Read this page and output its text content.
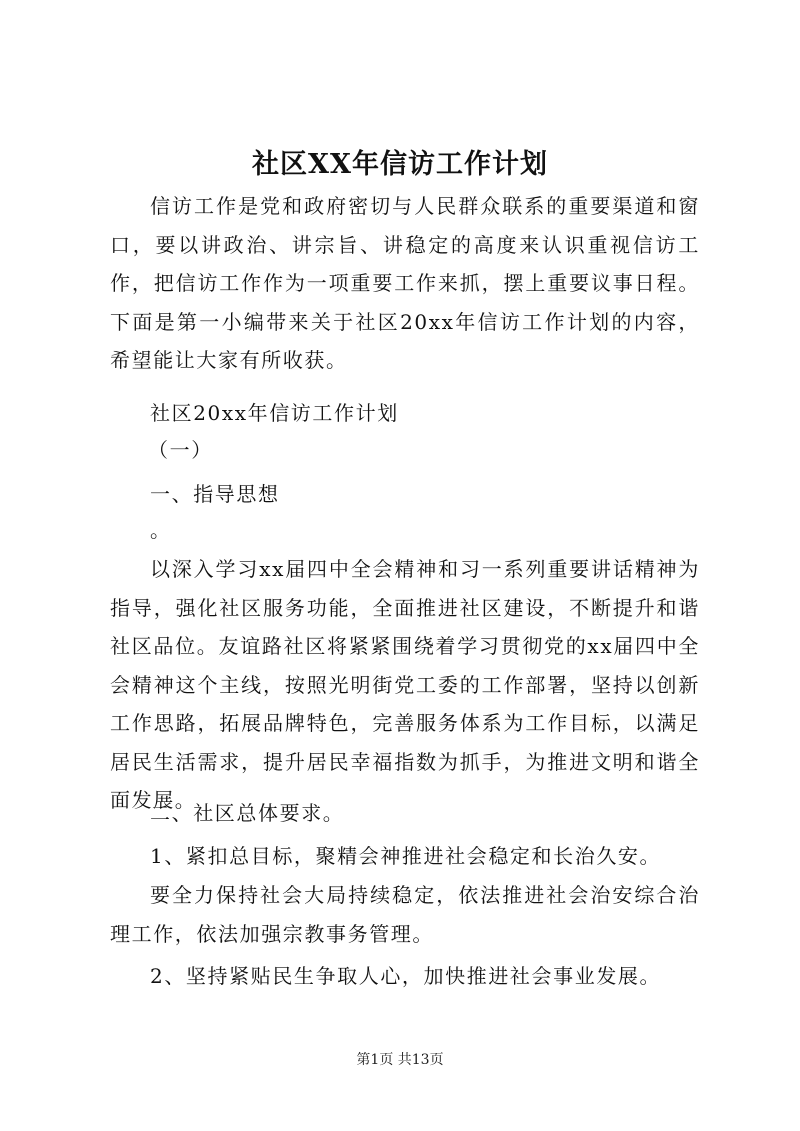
社区XX年信访工作计划

信访工作是党和政府密切与人民群众联系的重要渠道和窗口，要以讲政治、讲宗旨、讲稳定的高度来认识重视信访工作，把信访工作作为一项重要工作来抓，摆上重要议事日程。下面是第一小编带来关于社区20xx年信访工作计划的内容，希望能让大家有所收获。

社区20xx年信访工作计划
（一）
一、指导思想
。

以深入学习xx届四中全会精神和习一系列重要讲话精神为指导，强化社区服务功能，全面推进社区建设，不断提升和谐社区品位。友谊路社区将紧紧围绕着学习贯彻党的xx届四中全会精神这个主线，按照光明街党工委的工作部署，坚持以创新工作思路，拓展品牌特色，完善服务体系为工作目标，以满足居民生活需求，提升居民幸福指数为抓手，为推进文明和谐全面发展。

二、社区总体要求。
1、紧扣总目标，聚精会神推进社会稳定和长治久安。

要全力保持社会大局持续稳定，依法推进社会治安综合治理工作，依法加强宗教事务管理。

2、坚持紧贴民生争取人心，加快推进社会事业发展。
第1页 共13页
